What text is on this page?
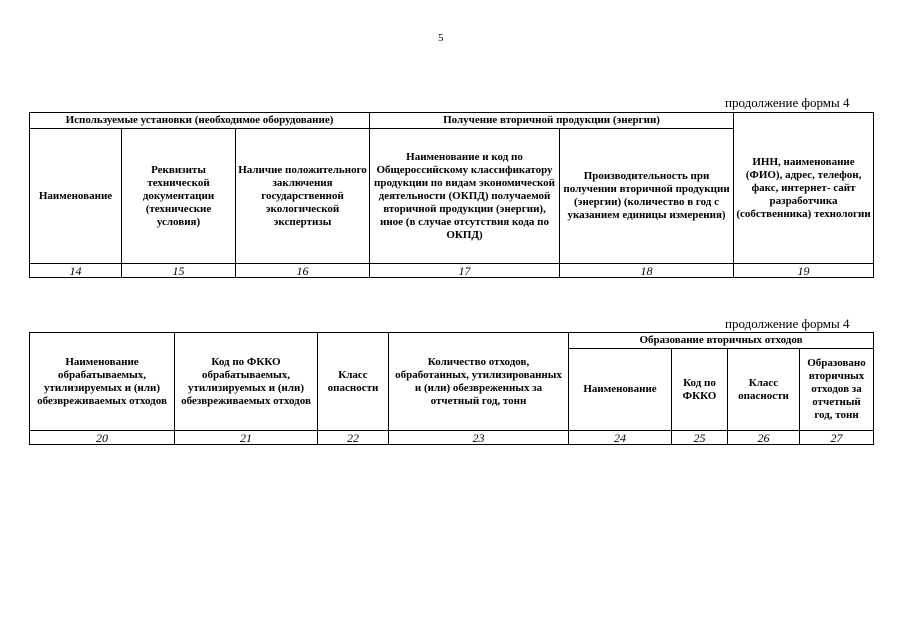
5
продолжение формы 4
Используемые установки (необходимое оборудование)			Получение вторичной продукции (энергии)		ИНН, наименование (ФИО), адрес, телефон, факс, интернет- сайт разработчика (собственника) технологии
Наименование	Реквизиты технической документации (технические условия)	Наличие положительного заключения государственной экологической экспертизы	Наименование и код по Общероссийскому классификатору продукции по видам экономической деятельности (ОКПД) получаемой вторичной продукции (энергии), иное (в случае отсутствия кода по ОКПД)	Производительность при получении вторичной продукции (энергии) (количество в год с указанием единицы измерения)	
14	15	16	17	18	19
продолжение формы 4
Наименование обрабатываемых, утилизируемых и (или) обезвреживаемых отходов	Код по ФККО обрабатываемых, утилизируемых и (или) обезвреживаемых отходов	Класс опасности	Количество отходов, обработанных, утилизированных и (или) обезвреженных за отчетный год, тонн	Образование вторичных отходов			
				Наименование	Код по ФККО	Класс опасности	Образовано вторичных отходов за отчетный год, тонн
20	21	22	23	24	25	26	27
